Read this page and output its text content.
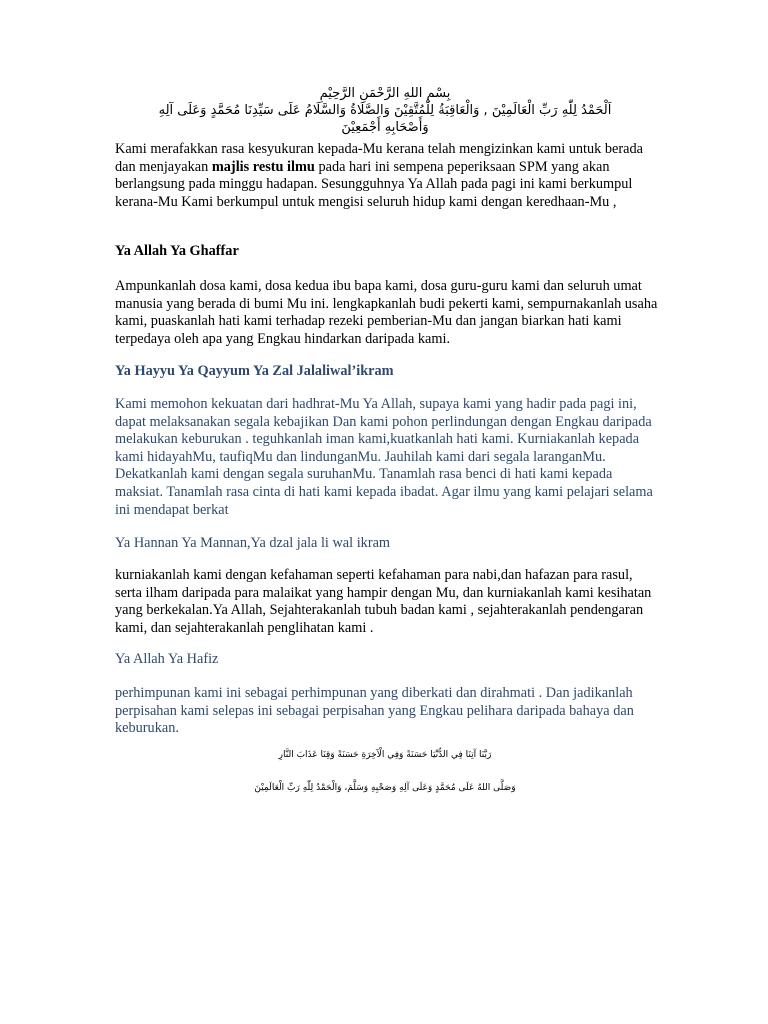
بِسْمِ اللهِ الرَّحْمَنِ الرَّحِيْمِ
اَلْحَمْدُ لِلّٰهِ رَبِّ الْعَالَمِيْنَ , وَالْعَاقِبَةُ لِلْمُتَّقِيْنَ وَالصَّلَاةُ وَالسَّلَامُ عَلَى سَيِّدِنَا مُحَمَّدٍ وَعَلَى آلِهِ
وَأَصْحَابِهِ أَجْمَعِيْنَ
Kami merafakkan rasa kesyukuran kepada-Mu kerana telah mengizinkan kami untuk berada dan menjayakan majlis restu ilmu pada hari ini sempena peperiksaan SPM yang akan berlangsung pada minggu hadapan. Sesungguhnya Ya Allah pada pagi ini kami berkumpul kerana-Mu Kami berkumpul untuk mengisi seluruh hidup kami dengan keredhaan-Mu ,
Ya Allah Ya Ghaffar
Ampunkanlah dosa kami, dosa kedua ibu bapa kami, dosa guru-guru kami dan seluruh umat manusia yang berada di bumi Mu ini. lengkapkanlah budi pekerti kami, sempurnakanlah usaha kami, puaskanlah hati kami terhadap rezeki pemberian-Mu dan jangan biarkan hati kami terpedaya oleh apa yang Engkau hindarkan daripada kami.
Ya Hayyu Ya Qayyum Ya Zal Jalaliwal’ikram
Kami memohon kekuatan dari hadhrat-Mu Ya Allah, supaya kami yang hadir pada pagi ini, dapat melaksanakan segala kebajikan Dan kami pohon perlindungan dengan Engkau daripada melakukan keburukan . teguhkanlah iman kami,kuatkanlah hati kami. Kurniakanlah kepada kami hidayahMu, taufiqMu dan lindunganMu. Jauhilah kami dari segala laranganMu. Dekatkanlah kami dengan segala suruhanMu. Tanamlah rasa benci di hati kami kepada maksiat. Tanamlah rasa cinta di hati kami kepada ibadat. Agar ilmu yang kami pelajari selama ini mendapat berkat
Ya Hannan Ya Mannan,Ya dzal jala li wal ikram
kurniakanlah kami dengan kefahaman seperti kefahaman para nabi,dan hafazan para rasul, serta ilham daripada para malaikat yang hampir dengan Mu, dan kurniakanlah kami kesihatan yang berkekalan.Ya Allah, Sejahterakanlah tubuh badan kami , sejahterakanlah pendengaran kami, dan sejahterakanlah penglihatan kami .
Ya Allah Ya Hafiz
perhimpunan kami ini sebagai perhimpunan yang diberkati dan dirahmati . Dan jadikanlah perpisahan kami selepas ini sebagai perpisahan yang Engkau pelihara daripada bahaya dan keburukan.
رَبَّنَا آتِنَا فِي الدُّنْيَا حَسَنَةً وَفِي الْآخِرَةِ حَسَنَةً وَقِنَا عَذَابَ النَّارِ
وَصَلَّى اللهُ عَلَى مُحَمَّدٍ وَعَلَى آلِهِ وَصَحْبِهِ وَسَلَّمَ، وَالْحَمْدُ لِلّٰهِ رَبِّ الْعَالَمِيْنَ
